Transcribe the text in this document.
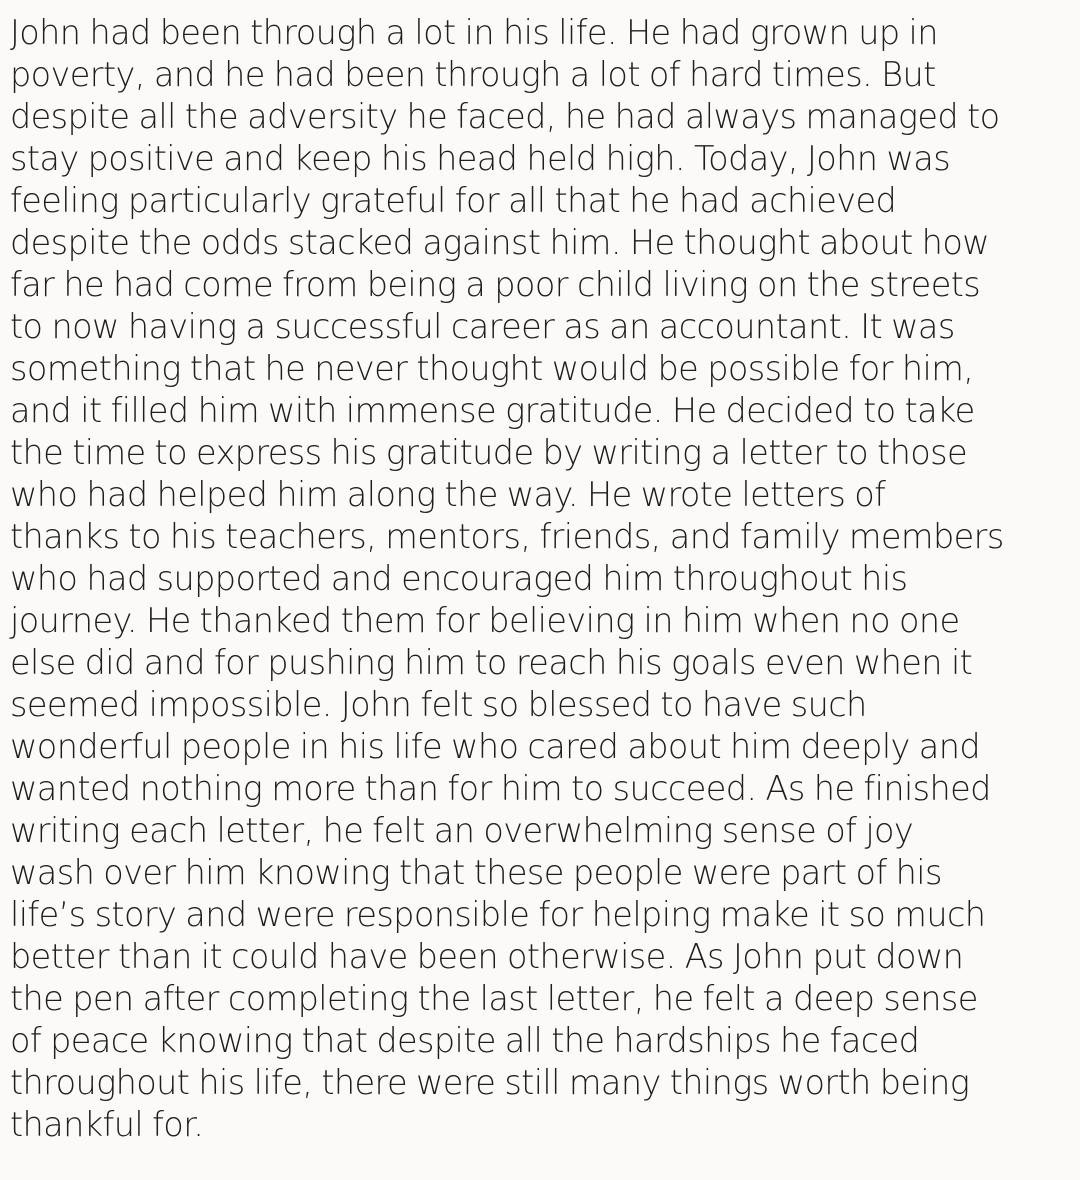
John had been through a lot in his life. He had grown up in
poverty, and he had been through a lot of hard times. But
despite all the adversity he faced, he had always managed to
stay positive and keep his head held high. Today, John was
feeling particularly grateful for all that he had achieved
despite the odds stacked against him. He thought about how
far he had come from being a poor child living on the streets
to now having a successful career as an accountant. It was
something that he never thought would be possible for him,
and it filled him with immense gratitude. He decided to take
the time to express his gratitude by writing a letter to those
who had helped him along the way. He wrote letters of
thanks to his teachers, mentors, friends, and family members
who had supported and encouraged him throughout his
journey. He thanked them for believing in him when no one
else did and for pushing him to reach his goals even when it
seemed impossible. John felt so blessed to have such
wonderful people in his life who cared about him deeply and
wanted nothing more than for him to succeed. As he finished
writing each letter, he felt an overwhelming sense of joy
wash over him knowing that these people were part of his
life’s story and were responsible for helping make it so much
better than it could have been otherwise. As John put down
the pen after completing the last letter, he felt a deep sense
of peace knowing that despite all the hardships he faced
throughout his life, there were still many things worth being
thankful for.
